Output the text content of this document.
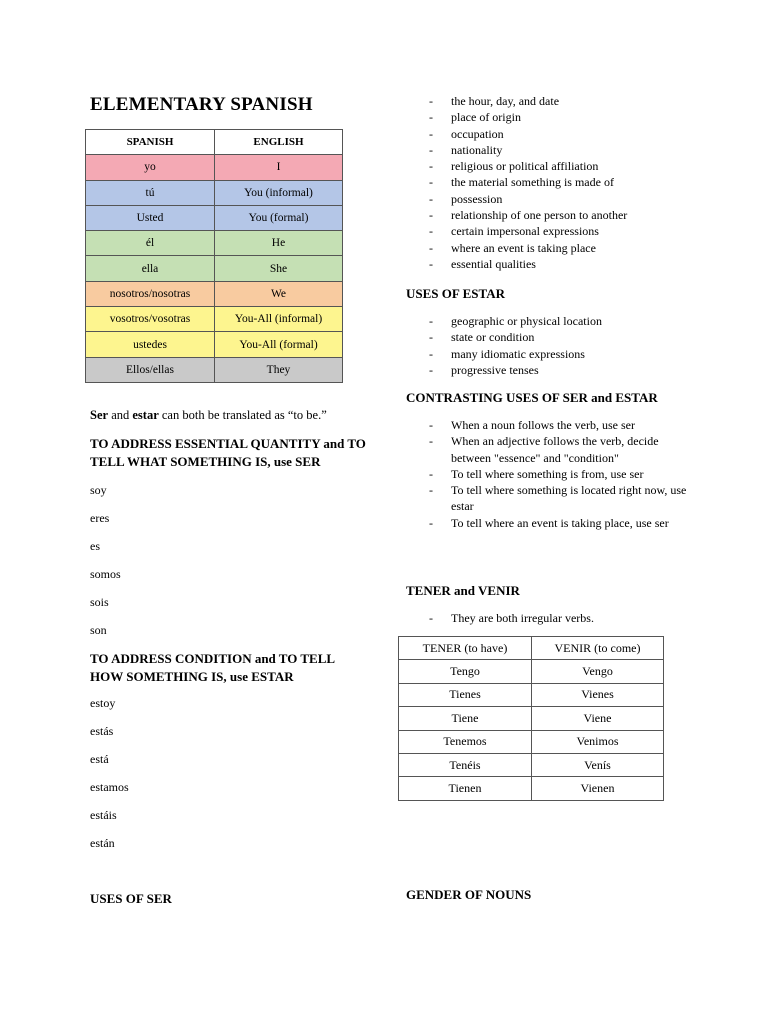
ELEMENTARY SPANISH
SPANISH	ENGLISH
yo	I
tú	You (informal)
Usted	You (formal)
él	He
ella	She
nosotros/nosotras	We
vosotros/vosotras	You-All (informal)
ustedes	You-All (formal)
Ellos/ellas	They
Ser and estar can both be translated as “to be.”
TO ADDRESS ESSENTIAL QUANTITY and TO TELL WHAT SOMETHING IS, use SER
soy
eres
es
somos
sois
son
TO ADDRESS CONDITION and TO TELL HOW SOMETHING IS, use ESTAR
estoy
estás
está
estamos
estáis
están
USES OF SER
- the hour, day, and date
- place of origin
- occupation
- nationality
- religious or political affiliation
- the material something is made of
- possession
- relationship of one person to another
- certain impersonal expressions
- where an event is taking place
- essential qualities
USES OF ESTAR
- geographic or physical location
- state or condition
- many idiomatic expressions
- progressive tenses
CONTRASTING USES OF SER and ESTAR
- When a noun follows the verb, use ser
- When an adjective follows the verb, decide between "essence" and "condition"
- To tell where something is from, use ser
- To tell where something is located right now, use estar
- To tell where an event is taking place, use ser
TENER and VENIR
- They are both irregular verbs.
TENER (to have)	VENIR (to come)
Tengo	Vengo
Tienes	Vienes
Tiene	Viene
Tenemos	Venimos
Tenéis	Venís
Tienen	Vienen
GENDER OF NOUNS
